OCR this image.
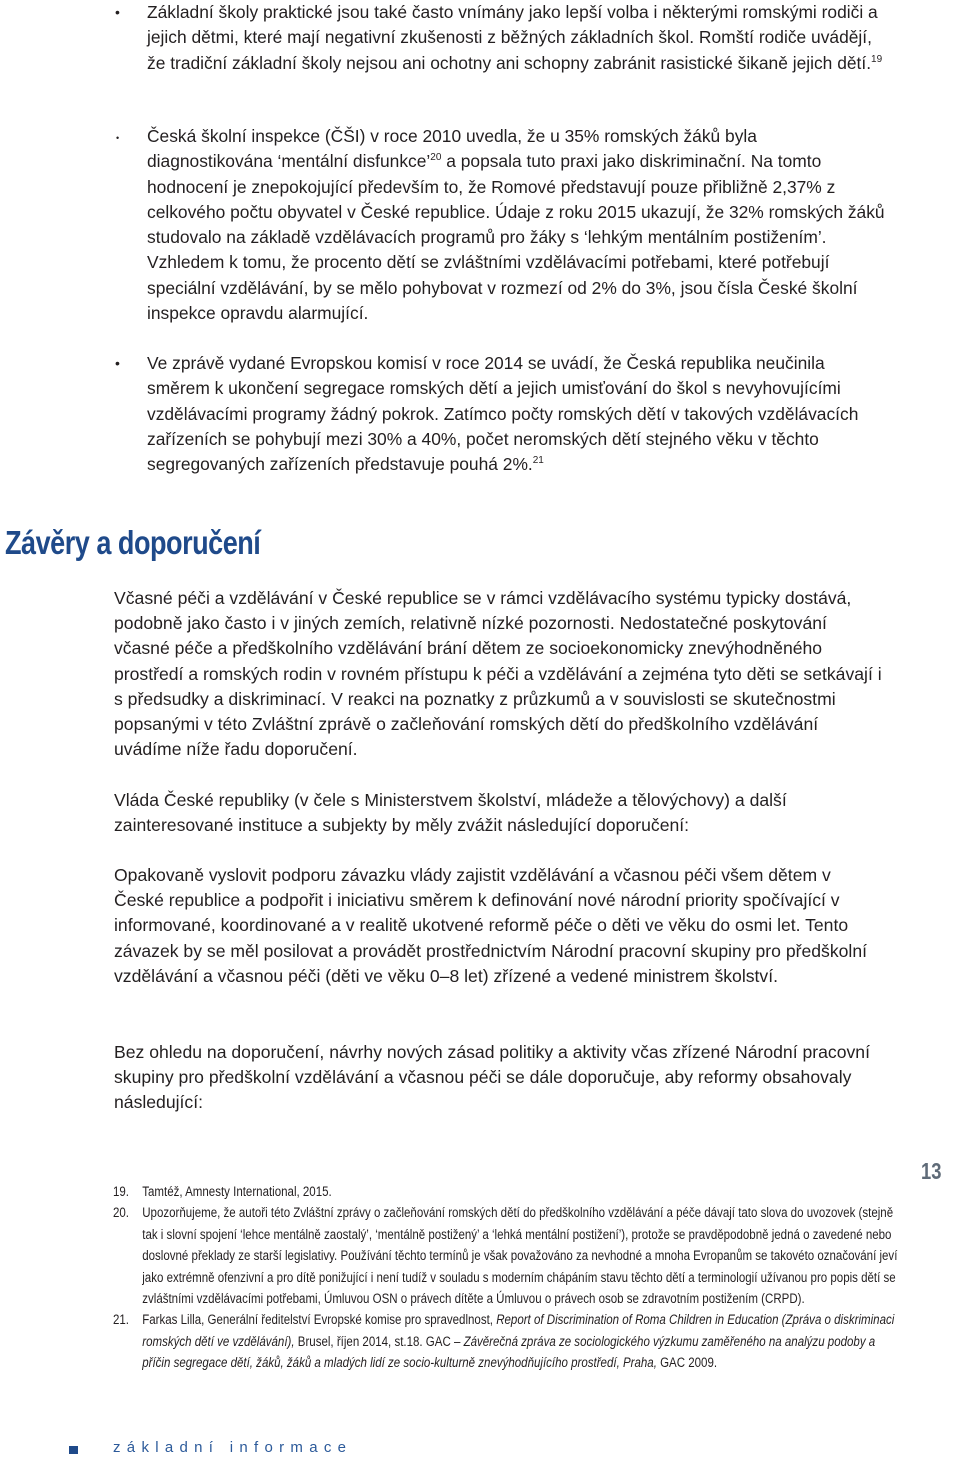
• Základní školy praktické jsou také často vnímány jako lepší volba i některými romskými rodiči a jejich dětmi, které mají negativní zkušenosti z běžných základních škol. Romští rodiče uvádějí, že tradiční základní školy nejsou ani ochotny ani schopny zabránit rasistické šikaně jejich dětí.$^{19}$
• Česká školní inspekce (ČŠI) v roce 2010 uvedla, že u 35% romských žáků byla diagnostikována ‘mentální disfunkce’$^{20}$ a popsala tuto praxi jako diskriminační. Na tomto hodnocení je znepokojující především to, že Romové představují pouze přibližně 2,37% z celkového počtu obyvatel v České republice. Údaje z roku 2015 ukazují, že 32% romských žáků studovalo na základě vzdělávacích programů pro žáky s ‘lehkým mentálním postižením’. Vzhledem k tomu, že procento dětí se zvláštními vzdělávacími potřebami, které potřebují speciální vzdělávání, by se mělo pohybovat v rozmezí od 2% do 3%, jsou čísla České školní inspekce opravdu alarmující.
• Ve zprávě vydané Evropskou komisí v roce 2014 se uvádí, že Česká republika neučinila směrem k ukončení segregace romských dětí a jejich umisťování do škol s nevyhovujícími vzdělávacími programy žádný pokrok. Zatímco počty romských dětí v takových vzdělávacích zařízeních se pohybují mezi 30% a 40%, počet neromských dětí stejného věku v těchto segregovaných zařízeních představuje pouhá 2%.$^{21}$
Závěry a doporučení

Včasné péči a vzdělávání v České republice se v rámci vzdělávacího systému typicky dostává, podobně jako často i v jiných zemích, relativně nízké pozornosti. Nedostatečné poskytování včasné péče a předškolního vzdělávání brání dětem ze socioekonomicky znevýhodněného prostředí a romských rodin v rovném přístupu k péči a vzdělávání a zejména tyto děti se setkávají i s předsudky a diskriminací. V reakci na poznatky z průzkumů a v souvislosti se skutečnostmi popsanými v této Zvláštní zprávě o začleňování romských dětí do předškolního vzdělávání uvádíme níže řadu doporučení.

Vláda České republiky (v čele s Ministerstvem školství, mládeže a tělovýchovy) a další zainteresované instituce a subjekty by měly zvážit následující doporučení:

Opakovaně vyslovit podporu závazku vlády zajistit vzdělávání a včasnou péči všem dětem v České republice a podpořit i iniciativu směrem k definování nové národní priority spočívající v informované, koordinované a v realitě ukotvené reformě péče o děti ve věku do osmi let. Tento závazek by se měl posilovat a provádět prostřednictvím Národní pracovní skupiny pro předškolní vzdělávání a včasnou péči (děti ve věku 0–8 let) zřízené a vedené ministrem školství.

Bez ohledu na doporučení, návrhy nových zásad politiky a aktivity včas zřízené Národní pracovní skupiny pro předškolní vzdělávání a včasnou péči se dále doporučuje, aby reformy obsahovaly následující:

13
19. Tamtéž, Amnesty International, 2015.
20. Upozorňujeme, že autoři této Zvláštní zprávy o začleňování romských dětí do předškolního vzdělávání a péče dávají tato slova do uvozovek (stejně tak i slovní spojení ‘lehce mentálně zaostalý’, ‘mentálně postižený’ a ‘lehká mentální postižení’), protože se pravděpodobně jedná o zavedené nebo doslovné překlady ze starší legislativy. Používání těchto termínů je však považováno za nevhodné a mnoha Evropanům se takovéto označování jeví jako extrémně ofenzivní a pro dítě ponižující i není tudíž v souladu s moderním chápáním stavu těchto dětí a terminologií užívanou pro popis dětí se zvláštními vzdělávacími potřebami, Úmluvou OSN o právech dítěte a Úmluvou o právech osob se zdravotním postižením (CRPD).
21. Farkas Lilla, Generální ředitelství Evropské komise pro spravedlnost, Report of Discrimination of Roma Children in Education (Zpráva o diskriminaci romských dětí ve vzdělávání), Brusel, říjen 2014, st.18. GAC – Závěrečná zpráva ze sociologického výzkumu zaměřeného na analýzu podoby a příčin segregace dětí, žáků, žáků a mladých lidí ze socio-kulturně znevýhodňujícího prostředí, Praha, GAC 2009.
základní informace
